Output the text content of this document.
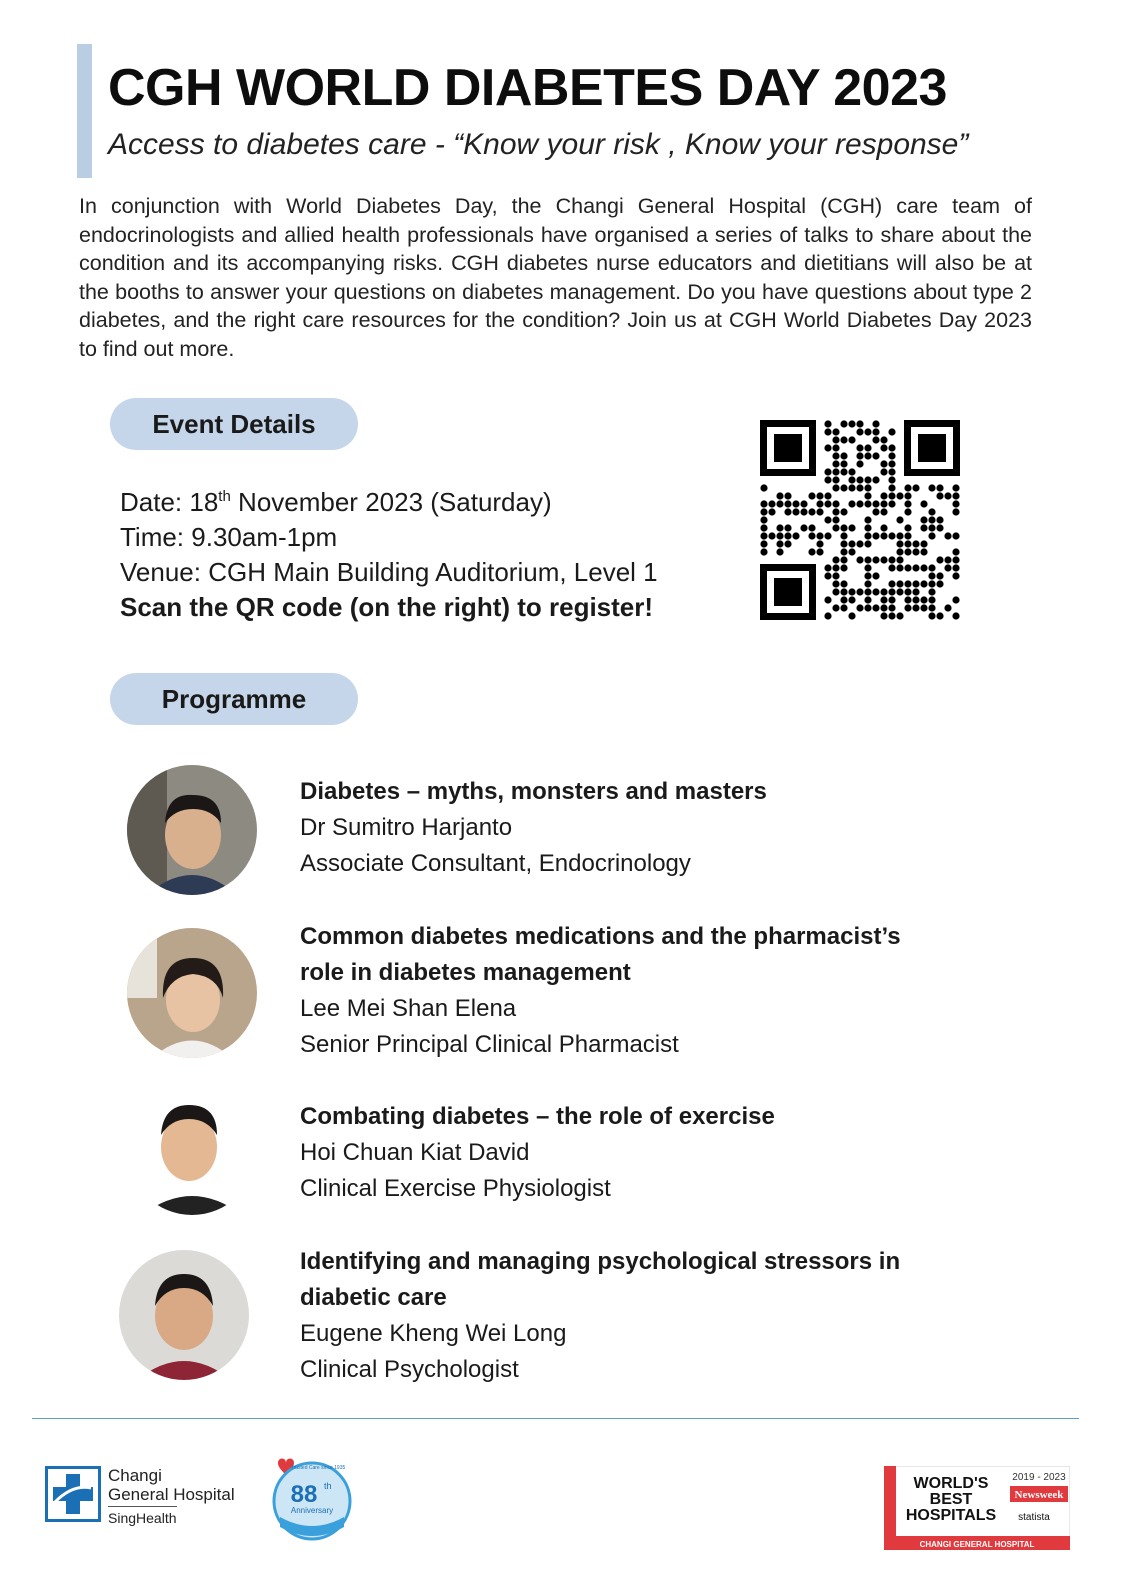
CGH WORLD DIABETES DAY 2023

Access to diabetes care - “Know your risk , Know your response”

In conjunction with World Diabetes Day, the Changi General Hospital (CGH) care team of endocrinologists and allied health professionals have organised a series of talks to share about the condition and its accompanying risks. CGH diabetes nurse educators and dietitians will also be at the booths to answer your questions on diabetes management. Do you have questions about type 2 diabetes, and the right care resources for the condition? Join us at CGH World Diabetes Day 2023 to find out more.

Event Details
Date: 18th November 2023 (Saturday)
Time: 9.30am-1pm
Venue: CGH Main Building Auditorium, Level 1
Scan the QR code (on the right) to register!
Programme
Diabetes – myths, monsters and masters
Dr Sumitro Harjanto
Associate Consultant, Endocrinology
Common diabetes medications and the pharmacist’s role in diabetes management
Lee Mei Shan Elena
Senior Principal Clinical Pharmacist
Combating diabetes – the role of exercise
Hoi Chuan Kiat David
Clinical Exercise Physiologist
Identifying and managing psychological stressors in diabetic care
Eugene Kheng Wei Long
Clinical Psychologist
Changi
General Hospital
SingHealth
88 th
Anniversary
Trusted Care since 1935
WORLD'S
BEST
HOSPITALS
2019 - 2023
Newsweek
statista
CHANGI GENERAL HOSPITAL
